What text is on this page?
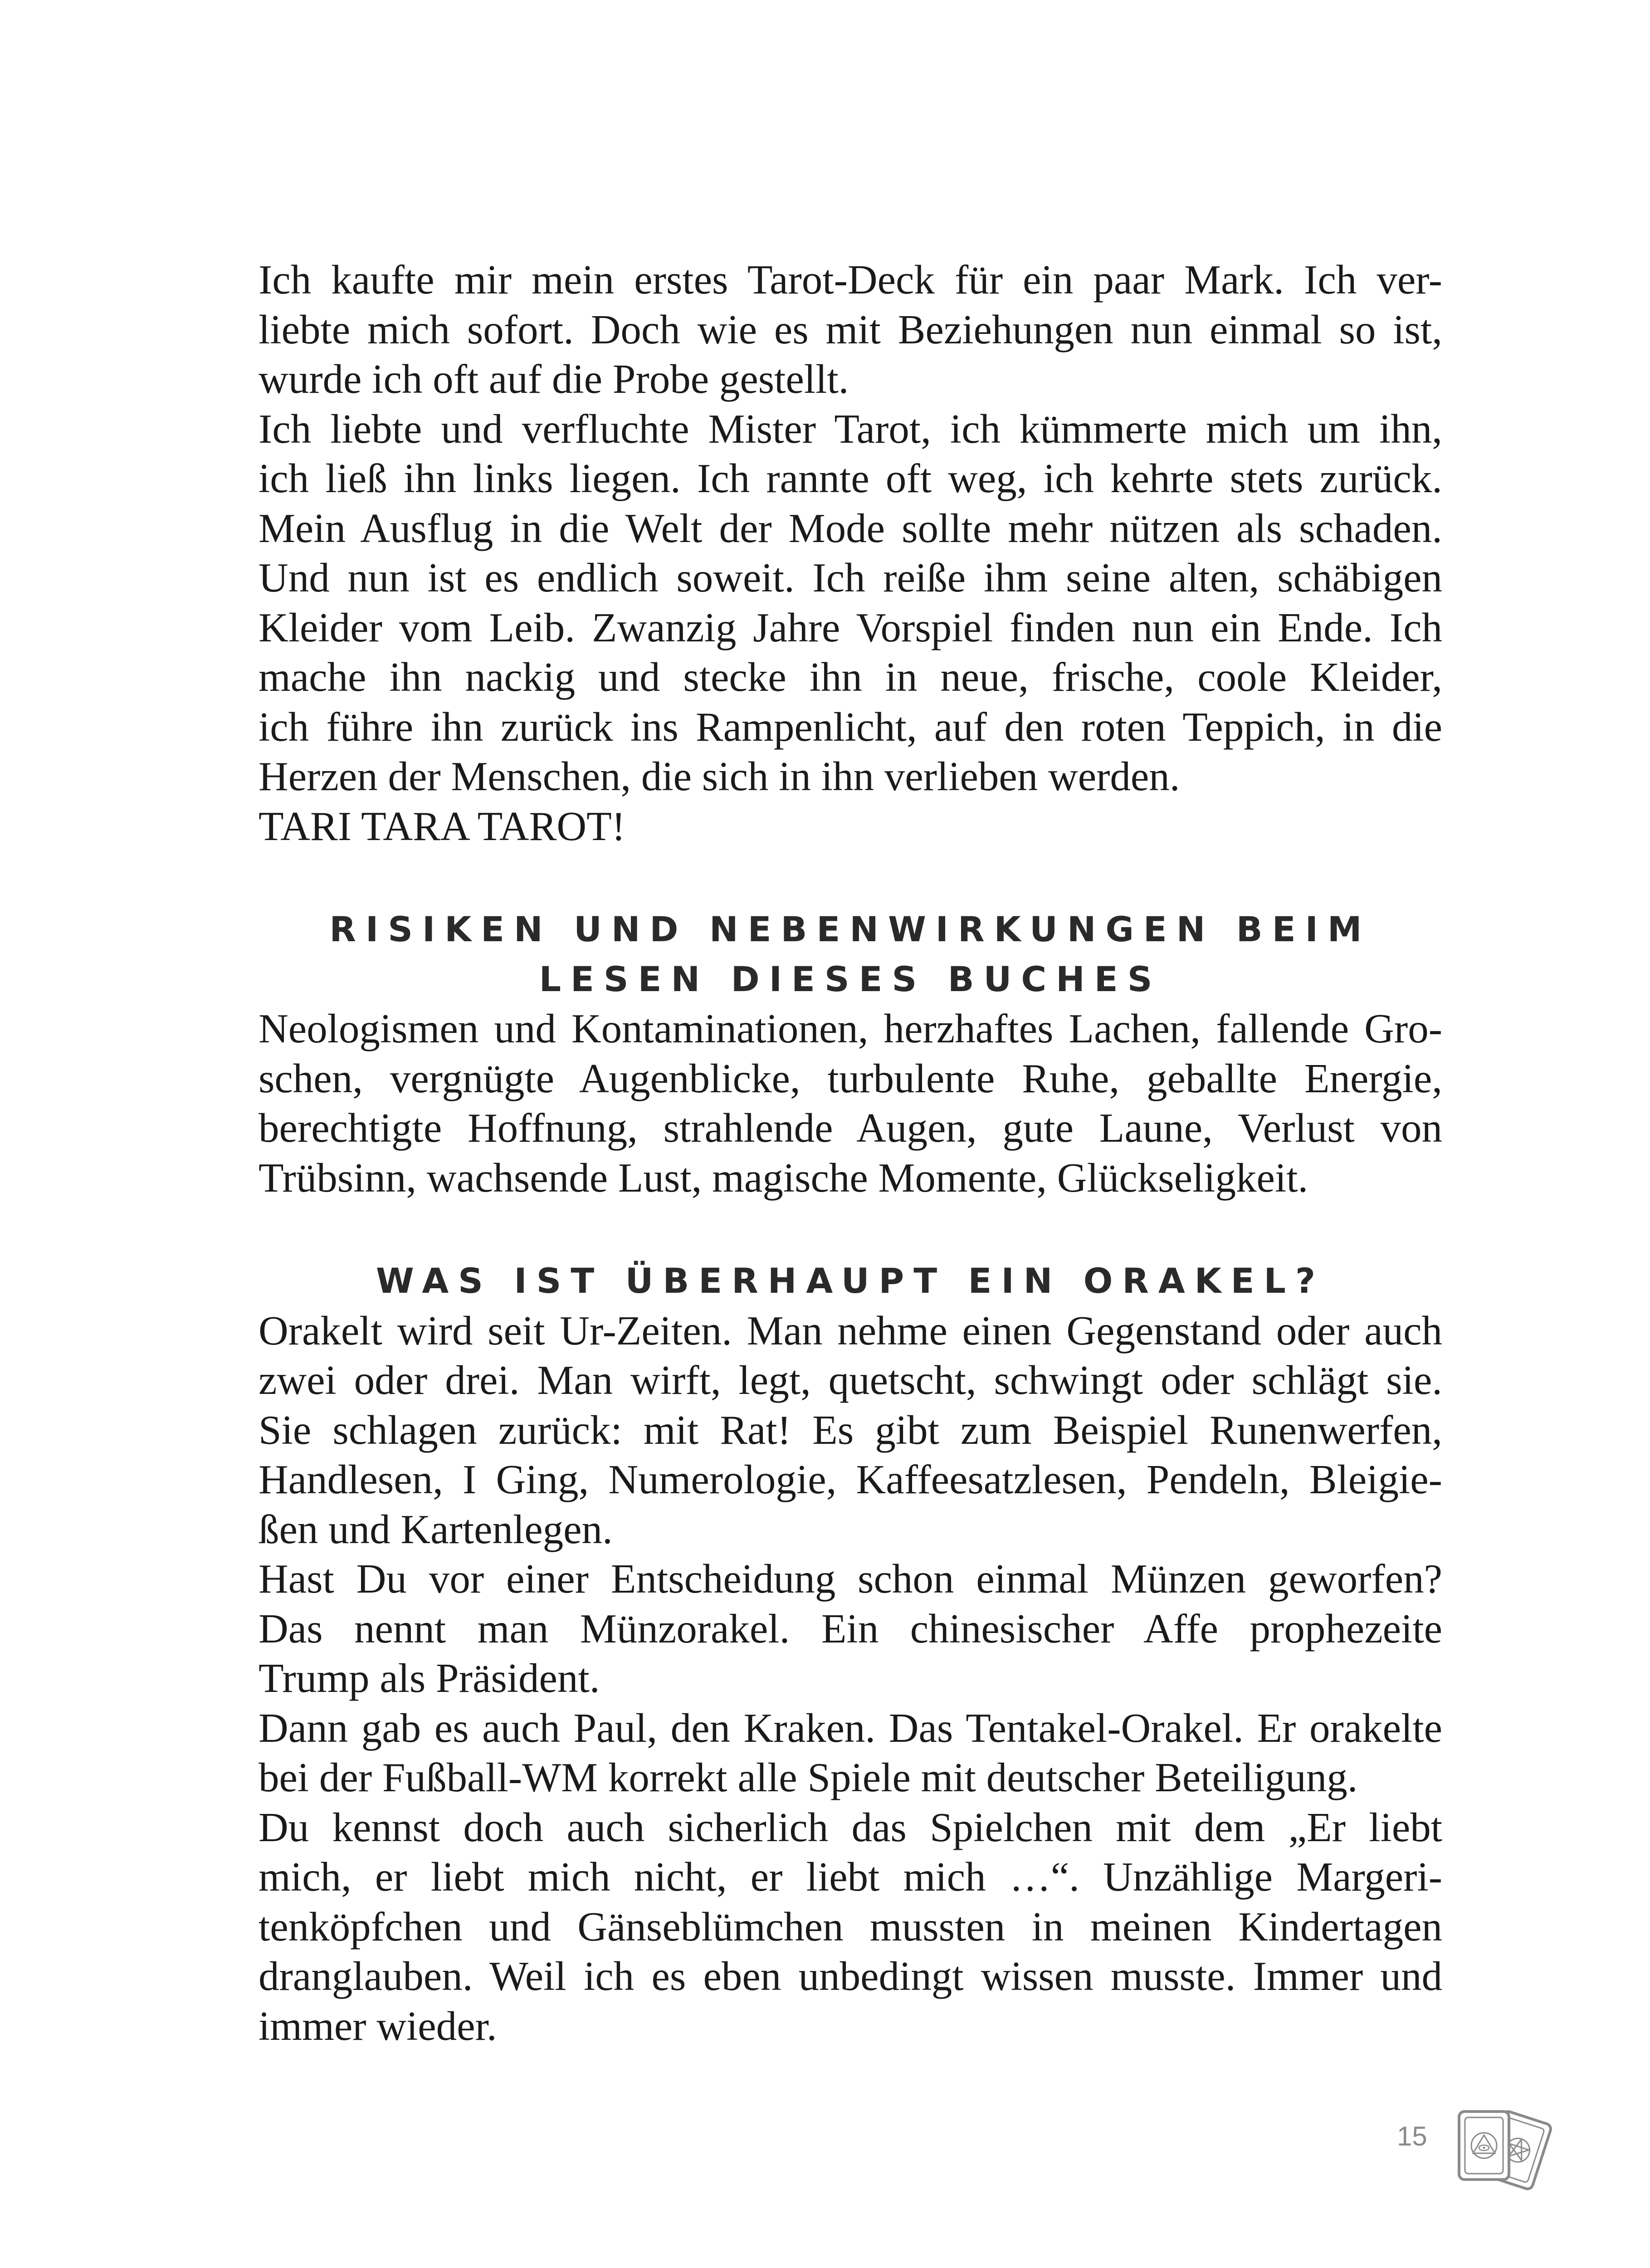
Ich kaufte mir mein erstes Tarot-Deck für ein paar Mark. Ich ver-
liebte mich sofort. Doch wie es mit Beziehungen nun einmal so ist,
wurde ich oft auf die Probe gestellt.
Ich liebte und verfluchte Mister Tarot, ich kümmerte mich um ihn,
ich ließ ihn links liegen. Ich rannte oft weg, ich kehrte stets zurück.
Mein Ausflug in die Welt der Mode sollte mehr nützen als schaden.
Und nun ist es endlich soweit. Ich reiße ihm seine alten, schäbigen
Kleider vom Leib. Zwanzig Jahre Vorspiel finden nun ein Ende. Ich
mache ihn nackig und stecke ihn in neue, frische, coole Kleider,
ich führe ihn zurück ins Rampenlicht, auf den roten Teppich, in die
Herzen der Menschen, die sich in ihn verlieben werden.
TARI TARA TAROT!
RISIKEN UND NEBENWIRKUNGEN BEIM
LESEN DIESES BUCHES
Neologismen und Kontaminationen, herzhaftes Lachen, fallende Gro-
schen, vergnügte Augenblicke, turbulente Ruhe, geballte Energie,
berechtigte Hoffnung, strahlende Augen, gute Laune, Verlust von
Trübsinn, wachsende Lust, magische Momente, Glückseligkeit.
WAS IST ÜBERHAUPT EIN ORAKEL?
Orakelt wird seit Ur-Zeiten. Man nehme einen Gegenstand oder auch
zwei oder drei. Man wirft, legt, quetscht, schwingt oder schlägt sie.
Sie schlagen zurück: mit Rat! Es gibt zum Beispiel Runenwerfen,
Handlesen, I Ging, Numerologie, Kaffeesatzlesen, Pendeln, Bleigie-
ßen und Kartenlegen.
Hast Du vor einer Entscheidung schon einmal Münzen geworfen?
Das nennt man Münzorakel. Ein chinesischer Affe prophezeite
Trump als Präsident.
Dann gab es auch Paul, den Kraken. Das Tentakel-Orakel. Er orakelte
bei der Fußball-WM korrekt alle Spiele mit deutscher Beteiligung.
Du kennst doch auch sicherlich das Spielchen mit dem „Er liebt
mich, er liebt mich nicht, er liebt mich …“. Unzählige Margeri-
tenköpfchen und Gänseblümchen mussten in meinen Kindertagen
dranglauben. Weil ich es eben unbedingt wissen musste. Immer und
immer wieder.
15
